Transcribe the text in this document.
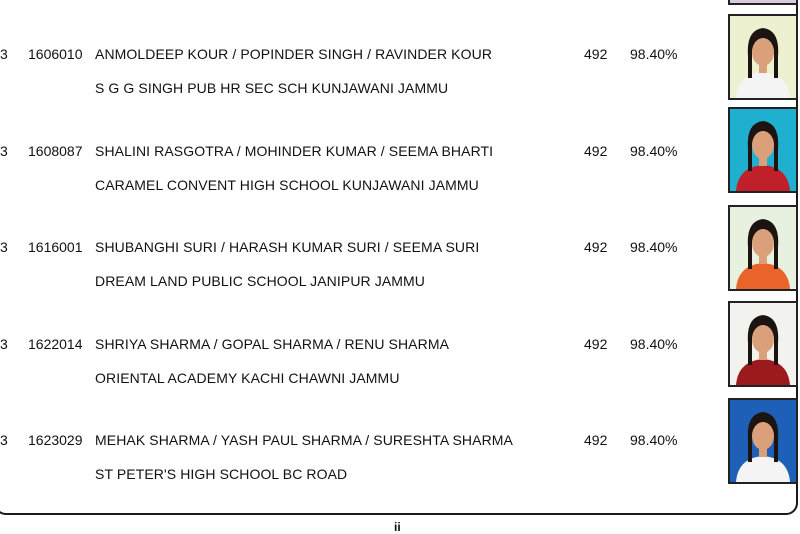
3	1606010 ANMOLDEEP KOUR / POPINDER SINGH / RAVINDER KOUR
S G G SINGH PUB HR SEC SCH KUNJAWANI JAMMU
492 98.40%
3	1608087 SHALINI RASGOTRA / MOHINDER KUMAR / SEEMA BHARTI
CARAMEL CONVENT HIGH SCHOOL KUNJAWANI JAMMU
492 98.40%
3	1616001 SHUBANGHI SURI / HARASH KUMAR SURI / SEEMA SURI
DREAM LAND PUBLIC SCHOOL JANIPUR JAMMU
492 98.40%
3	1622014 SHRIYA SHARMA / GOPAL SHARMA / RENU SHARMA
ORIENTAL ACADEMY KACHI CHAWNI JAMMU
492 98.40%
3	1623029 MEHAK SHARMA / YASH PAUL SHARMA / SURESHTA SHARMA
ST PETER'S HIGH SCHOOL BC ROAD
492 98.40%
ii
